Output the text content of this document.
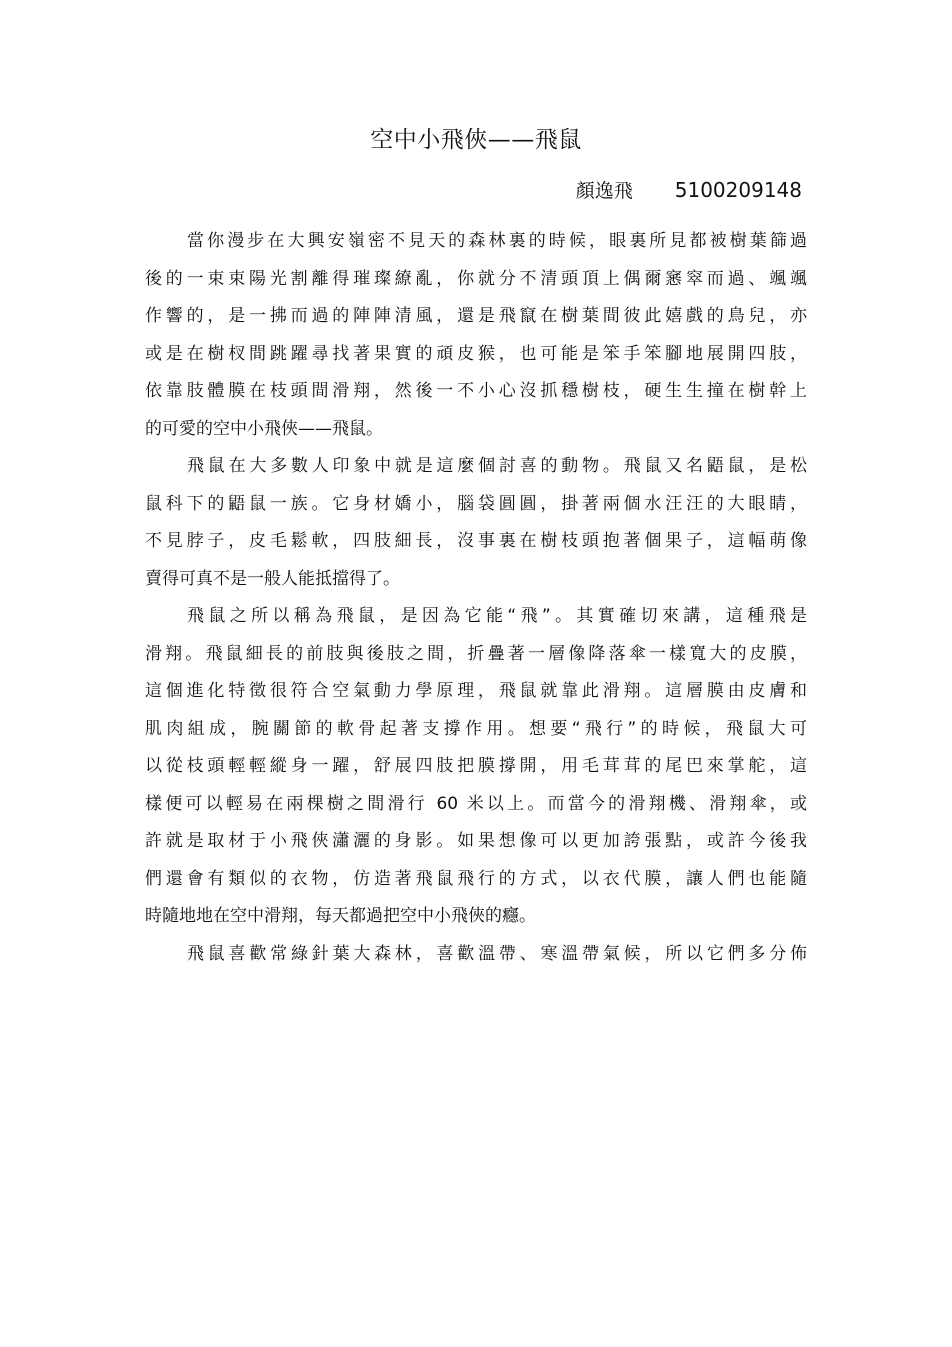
空中小飛俠——飛鼠
顏逸飛 5100209148
當你漫步在大興安嶺密不見天的森林裏的時候，眼裏所見都被樹葉篩過
後的一束束陽光割離得璀璨繚亂，你就分不清頭頂上偶爾窸窣而過、颯颯
作響的，是一拂而過的陣陣清風，還是飛竄在樹葉間彼此嬉戲的鳥兒，亦
或是在樹杈間跳躍尋找著果實的頑皮猴，也可能是笨手笨腳地展開四肢，
依靠肢體膜在枝頭間滑翔，然後一不小心沒抓穩樹枝，硬生生撞在樹幹上
的可愛的空中小飛俠——飛鼠。
飛鼠在大多數人印象中就是這麼個討喜的動物。飛鼠又名鼯鼠，是松
鼠科下的鼯鼠一族。它身材嬌小，腦袋圓圓，掛著兩個水汪汪的大眼睛，
不見脖子，皮毛鬆軟，四肢細長，沒事裏在樹枝頭抱著個果子，這幅萌像
賣得可真不是一般人能抵擋得了。
飛鼠之所以稱為飛鼠，是因為它能“飛”。其實確切來講，這種飛是
滑翔。飛鼠細長的前肢與後肢之間，折疊著一層像降落傘一樣寬大的皮膜，
這個進化特徵很符合空氣動力學原理，飛鼠就靠此滑翔。這層膜由皮膚和
肌肉組成，腕關節的軟骨起著支撐作用。想要“飛行”的時候，飛鼠大可
以從枝頭輕輕縱身一躍，舒展四肢把膜撐開，用毛茸茸的尾巴來掌舵，這
樣便可以輕易在兩棵樹之間滑行 60 米以上。而當今的滑翔機、滑翔傘，或
許就是取材于小飛俠瀟灑的身影。如果想像可以更加誇張點，或許今後我
們還會有類似的衣物，仿造著飛鼠飛行的方式，以衣代膜，讓人們也能隨
時隨地地在空中滑翔，每天都過把空中小飛俠的癮。
飛鼠喜歡常綠針葉大森林，喜歡溫帶、寒溫帶氣候，所以它們多分佈
